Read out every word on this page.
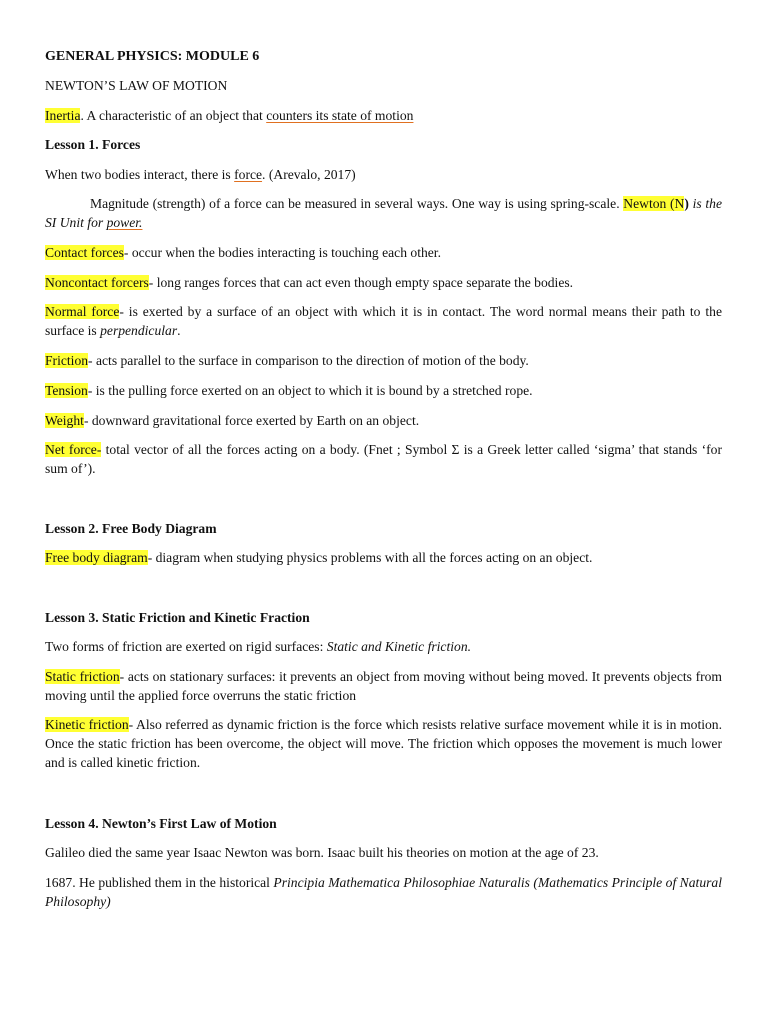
GENERAL PHYSICS: MODULE 6
NEWTON’S LAW OF MOTION
Inertia. A characteristic of an object that counters its state of motion
Lesson 1. Forces
When two bodies interact, there is force. (Arevalo, 2017)
Magnitude (strength) of a force can be measured in several ways. One way is using spring-scale. Newton (N) is the SI Unit for power.
Contact forces- occur when the bodies interacting is touching each other.
Noncontact forcers- long ranges forces that can act even though empty space separate the bodies.
Normal force- is exerted by a surface of an object with which it is in contact. The word normal means their path to the surface is perpendicular.
Friction- acts parallel to the surface in comparison to the direction of motion of the body.
Tension- is the pulling force exerted on an object to which it is bound by a stretched rope.
Weight- downward gravitational force exerted by Earth on an object.
Net force- total vector of all the forces acting on a body. (Fnet ; Symbol Σ is a Greek letter called ‘sigma’ that stands ‘for sum of’).
Lesson 2. Free Body Diagram
Free body diagram- diagram when studying physics problems with all the forces acting on an object.
Lesson 3. Static Friction and Kinetic Fraction
Two forms of friction are exerted on rigid surfaces: Static and Kinetic friction.
Static friction- acts on stationary surfaces: it prevents an object from moving without being moved. It prevents objects from moving until the applied force overruns the static friction
Kinetic friction- Also referred as dynamic friction is the force which resists relative surface movement while it is in motion. Once the static friction has been overcome, the object will move. The friction which opposes the movement is much lower and is called kinetic friction.
Lesson 4. Newton’s First Law of Motion
Galileo died the same year Isaac Newton was born. Isaac built his theories on motion at the age of 23.
1687. He published them in the historical Principia Mathematica Philosophiae Naturalis (Mathematics Principle of Natural Philosophy)
